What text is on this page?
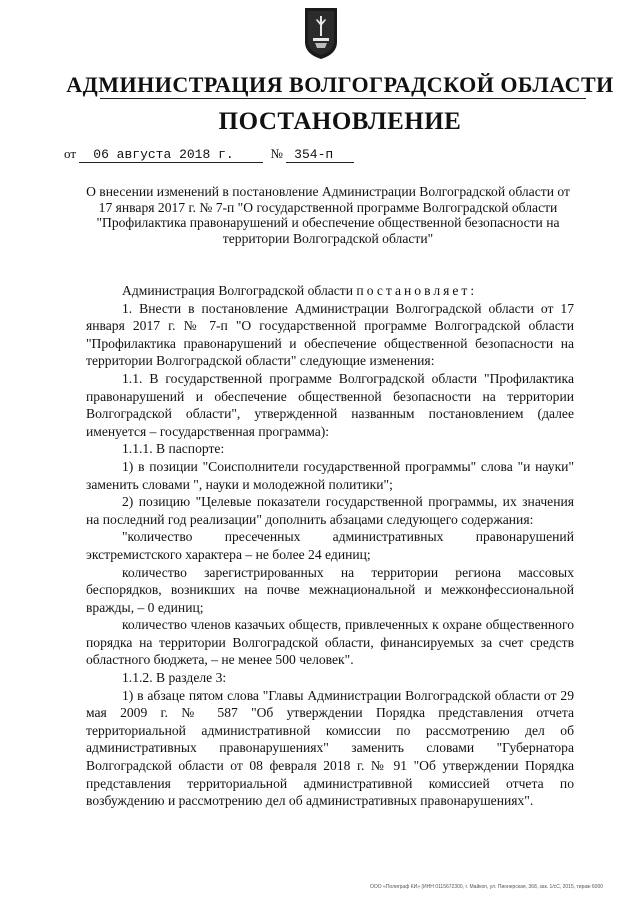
АДМИНИСТРАЦИЯ ВОЛГОГРАДСКОЙ ОБЛАСТИ
ПОСТАНОВЛЕНИЕ
от 06 августа 2018 г.	№ 354-п
О внесении изменений в постановление Администрации Волгоградской области от 17 января 2017 г. № 7-п "О государственной программе Волгоградской области "Профилактика правонарушений и обеспечение общественной безопасности на территории Волгоградской области"

Администрация Волгоградской области постановляет:

1. Внести в постановление Администрации Волгоградской области от 17 января 2017 г. № 7-п "О государственной программе Волгоградской области "Профилактика правонарушений и обеспечение общественной безопасности на территории Волгоградской области" следующие изменения:

1.1. В государственной программе Волгоградской области "Профилактика правонарушений и обеспечение общественной безопасности на территории Волгоградской области", утвержденной названным постановлением (далее именуется – государственная программа):

1.1.1. В паспорте:

1) в позиции "Соисполнители государственной программы" слова "и науки" заменить словами ", науки и молодежной политики";

2) позицию "Целевые показатели государственной программы, их значения на последний год реализации" дополнить абзацами следующего содержания:

"количество пресеченных административных правонарушений экстремистского характера – не более 24 единиц;

количество зарегистрированных на территории региона массовых беспорядков, возникших на почве межнациональной и межконфессиональной вражды, – 0 единиц;

количество членов казачьих обществ, привлеченных к охране общественного порядка на территории Волгоградской области, финансируемых за счет средств областного бюджета, – не менее 500 человек".

1.1.2. В разделе 3:

1) в абзаце пятом слова "Главы Администрации Волгоградской области от 29 мая 2009 г. № 587 "Об утверждении Порядка представления отчета территориальной административной комиссии по рассмотрению дел об административных правонарушениях" заменить словами "Губернатора Волгоградской области от 08 февраля 2018 г. № 91 "Об утверждении Порядка представления территориальной административной комиссией отчета по возбуждению и рассмотрению дел об административных правонарушениях".

ООО «Полиграф КИ» (ИНН 0115672300, г. Майкоп, ул. Пионерская, 368, зак. 1/сС, 2015, тираж 6000
